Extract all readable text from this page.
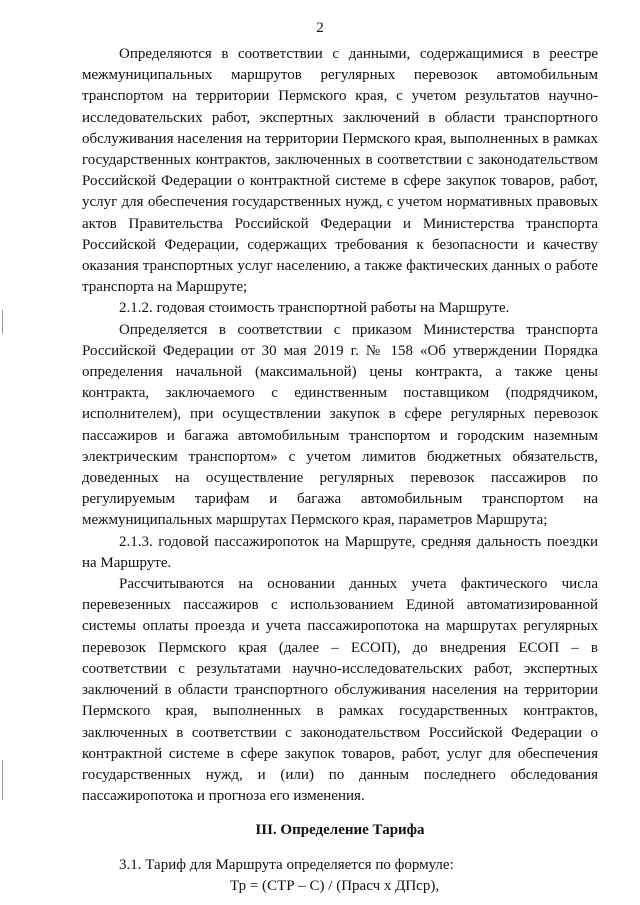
2

Определяются в соответствии с данными, содержащимися в реестре межмуниципальных маршрутов регулярных перевозок автомобильным транспортом на территории Пермского края, с учетом результатов научно-исследовательских работ, экспертных заключений в области транспортного обслуживания населения на территории Пермского края, выполненных в рамках государственных контрактов, заключенных в соответствии с законодательством Российской Федерации о контрактной системе в сфере закупок товаров, работ, услуг для обеспечения государственных нужд, с учетом нормативных правовых актов Правительства Российской Федерации и Министерства транспорта Российской Федерации, содержащих требования к безопасности и качеству оказания транспортных услуг населению, а также фактических данных о работе транспорта на Маршруте;

2.1.2. годовая стоимость транспортной работы на Маршруте.

Определяется в соответствии с приказом Министерства транспорта Российской Федерации от 30 мая 2019 г. № 158 «Об утверждении Порядка определения начальной (максимальной) цены контракта, а также цены контракта, заключаемого с единственным поставщиком (подрядчиком, исполнителем), при осуществлении закупок в сфере регулярных перевозок пассажиров и багажа автомобильным транспортом и городским наземным электрическим транспортом» с учетом лимитов бюджетных обязательств, доведенных на осуществление регулярных перевозок пассажиров по регулируемым тарифам и багажа автомобильным транспортом на межмуниципальных маршрутах Пермского края, параметров Маршрута;

2.1.3. годовой пассажиропоток на Маршруте, средняя дальность поездки на Маршруте.

Рассчитываются на основании данных учета фактического числа перевезенных пассажиров с использованием Единой автоматизированной системы оплаты проезда и учета пассажиропотока на маршрутах регулярных перевозок Пермского края (далее – ЕСОП), до внедрения ЕСОП – в соответствии с результатами научно-исследовательских работ, экспертных заключений в области транспортного обслуживания населения на территории Пермского края, выполненных в рамках государственных контрактов, заключенных в соответствии с законодательством Российской Федерации о контрактной системе в сфере закупок товаров, работ, услуг для обеспечения государственных нужд, и (или) по данным последнего обследования пассажиропотока и прогноза его изменения.

III. Определение Тарифа

3.1. Тариф для Маршрута определяется по формуле:

Тр = (СТР – С) / (Прасч х ДПср),
